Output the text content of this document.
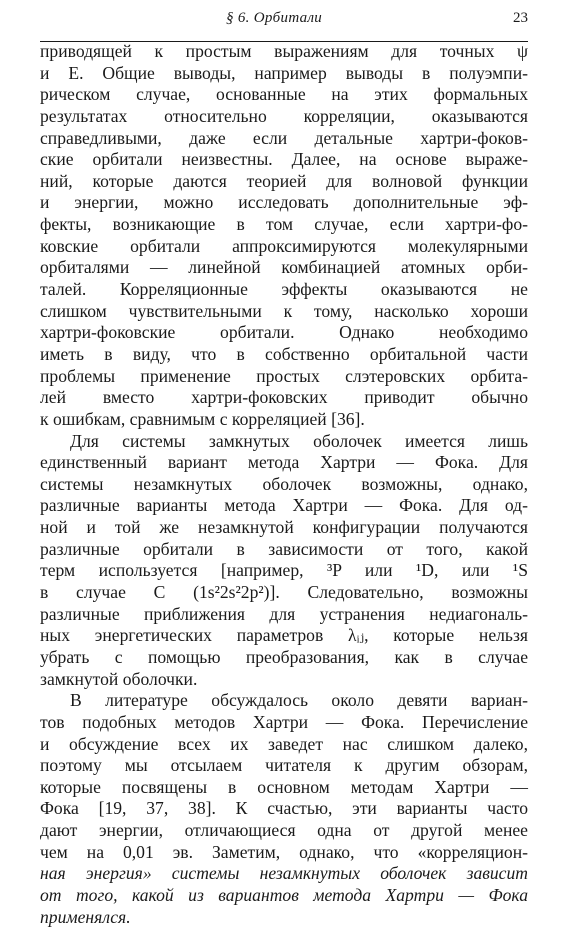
§ 6. Орбитали	23
приводящей к простым выражениям для точных ψ
и E. Общие выводы, например выводы в полуэмпи-
рическом случае, основанные на этих формальных
результатах относительно корреляции, оказываются
справедливыми, даже если детальные хартри-фоков-
ские орбитали неизвестны. Далее, на основе выраже-
ний, которые даются теорией для волновой функции
и энергии, можно исследовать дополнительные эф-
фекты, возникающие в том случае, если хартри-фо-
ковские орбитали аппроксимируются молекулярными
орбиталями — линейной комбинацией атомных орби-
талей. Корреляционные эффекты оказываются не
слишком чувствительными к тому, насколько хороши
хартри-фоковские орбитали. Однако необходимо
иметь в виду, что в собственно орбитальной части
проблемы применение простых слэтеровских орбита-
лей вместо хартри-фоковских приводит обычно
к ошибкам, сравнимым с корреляцией [36].
Для системы замкнутых оболочек имеется лишь
единственный вариант метода Хартри — Фока. Для
системы незамкнутых оболочек возможны, однако,
различные варианты метода Хартри — Фока. Для од-
ной и той же незамкнутой конфигурации получаются
различные орбитали в зависимости от того, какой
терм используется [например, ³P или ¹D, или ¹S
в случае C (1s²2s²2p²)]. Следовательно, возможны
различные приближения для устранения недиагональ-
ных энергетических параметров λᵢⱼ, которые нельзя
убрать с помощью преобразования, как в случае
замкнутой оболочки.
В литературе обсуждалось около девяти вариан-
тов подобных методов Хартри — Фока. Перечисление
и обсуждение всех их заведет нас слишком далеко,
поэтому мы отсылаем читателя к другим обзорам,
которые посвящены в основном методам Хартри —
Фока [19, 37, 38]. К счастью, эти варианты часто
дают энергии, отличающиеся одна от другой менее
чем на 0,01 эв. Заметим, однако, что «корреляцион-
ная энергия» системы незамкнутых оболочек зависит
от того, какой из вариантов метода Хартри — Фока
применялся.
